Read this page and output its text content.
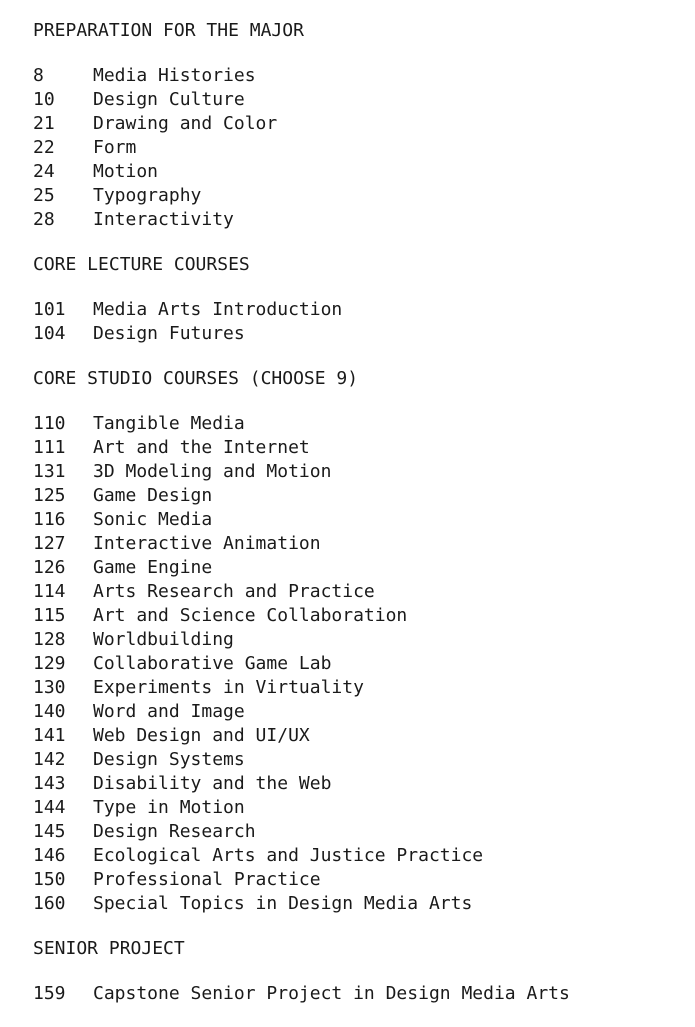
PREPARATION FOR THE MAJOR
8	Media Histories
10	Design Culture
21	Drawing and Color
22	Form
24	Motion
25	Typography
28	Interactivity
CORE LECTURE COURSES
101	Media Arts Introduction
104	Design Futures
CORE STUDIO COURSES (CHOOSE 9)
110	Tangible Media
111	Art and the Internet
131	3D Modeling and Motion
125	Game Design
116	Sonic Media
127	Interactive Animation
126	Game Engine
114	Arts Research and Practice
115	Art and Science Collaboration
128	Worldbuilding
129	Collaborative Game Lab
130	Experiments in Virtuality
140	Word and Image
141	Web Design and UI/UX
142	Design Systems
143	Disability and the Web
144	Type in Motion
145	Design Research
146	Ecological Arts and Justice Practice
150	Professional Practice
160	Special Topics in Design Media Arts
SENIOR PROJECT
159	Capstone Senior Project in Design Media Arts
